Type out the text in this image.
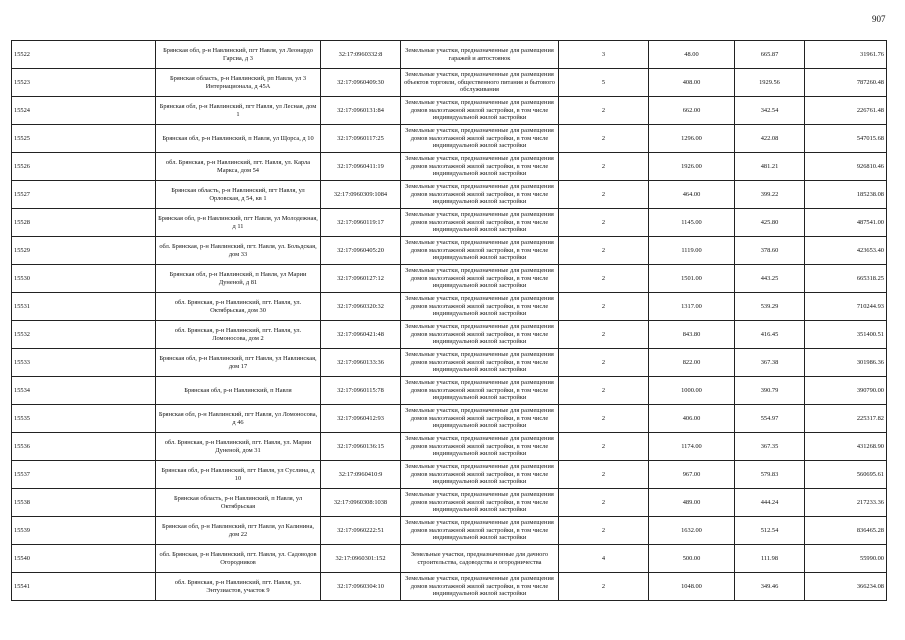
907
15522	Брянская обл, р-н Навлинский, пгт Навля, ул Леонардо Гарсиа, д 3	32:17:0960332:8	Земельные участки, предназначенные для размещения гаражей и автостоянок	3	48.00	665.87	31961.76
15523	Брянская область, р-н Навлинский, рп Навля, ул 3 Интернационала, д 45А	32:17:0960409:30	Земельные участки, предназначенные для размещения объектов торговли, общественного питания и бытового обслуживания	5	408.00	1929.56	787260.48
15524	Брянская обл, р-н Навлинский, пгт Навля, ул Лесная, дом 1	32:17:0960131:84	Земельные участки, предназначенные для размещения домов малоэтажной жилой застройки, в том числе индивидуальной жилой застройки	2	662.00	342.54	226761.48
15525	Брянская обл, р-н Навлинский, п Навля, ул Щорса, д 10	32:17:0960117:25	Земельные участки, предназначенные для размещения домов малоэтажной жилой застройки, в том числе индивидуальной жилой застройки	2	1296.00	422.08	547015.68
15526	обл. Брянская, р-н Навлинский, пгт. Навля, ул. Карла Маркса, дом 54	32:17:0960411:19	Земельные участки, предназначенные для размещения домов малоэтажной жилой застройки, в том числе индивидуальной жилой застройки	2	1926.00	481.21	926810.46
15527	Брянская область, р-н Навлинский, пгт Навля, ул Орловская, д 54, кв 1	32:17:0960309:1084	Земельные участки, предназначенные для размещения домов малоэтажной жилой застройки, в том числе индивидуальной жилой застройки	2	464.00	399.22	185238.08
15528	Брянская обл, р-н Навлинский, пгт Навля, ул Молодежная, д 11	32:17:0960119:17	Земельные участки, предназначенные для размещения домов малоэтажной жилой застройки, в том числе индивидуальной жилой застройки	2	1145.00	425.80	487541.00
15529	обл. Брянская, р-н Навлинский, пгт. Навля, ул. Больдская, дом 33	32:17:0960405:20	Земельные участки, предназначенные для размещения домов малоэтажной жилой застройки, в том числе индивидуальной жилой застройки	2	1119.00	378.60	423653.40
15530	Брянская обл, р-н Навлинский, п Навля, ул Марии Дуненой, д 81	32:17:0960127:12	Земельные участки, предназначенные для размещения домов малоэтажной жилой застройки, в том числе индивидуальной жилой застройки	2	1501.00	443.25	665318.25
15531	обл. Брянская, р-н Навлинский, пгт. Навля, ул. Октябрьская, дом 30	32:17:0960320:32	Земельные участки, предназначенные для размещения домов малоэтажной жилой застройки, в том числе индивидуальной жилой застройки	2	1317.00	539.29	710244.93
15532	обл. Брянская, р-н Навлинский, пгт. Навля, ул. Ломоносова, дом 2	32:17:0960421:48	Земельные участки, предназначенные для размещения домов малоэтажной жилой застройки, в том числе индивидуальной жилой застройки	2	843.80	416.45	351400.51
15533	Брянская обл, р-н Навлинский, пгт Навля, ул Навлинская, дом 17	32:17:0960133:36	Земельные участки, предназначенные для размещения домов малоэтажной жилой застройки, в том числе индивидуальной жилой застройки	2	822.00	367.38	301986.36
15534	Брянская обл, р-н Навлинский, п Навля	32:17:0960115:78	Земельные участки, предназначенные для размещения домов малоэтажной жилой застройки, в том числе индивидуальной жилой застройки	2	1000.00	390.79	390790.00
15535	Брянская обл, р-н Навлинский, пгт Навля, ул Ломоносова, д 46	32:17:0960412:93	Земельные участки, предназначенные для размещения домов малоэтажной жилой застройки, в том числе индивидуальной жилой застройки	2	406.00	554.97	225317.82
15536	обл. Брянская, р-н Навлинский, пгт. Навля, ул. Марии Дуненой, дом 31	32:17:0960136:15	Земельные участки, предназначенные для размещения домов малоэтажной жилой застройки, в том числе индивидуальной жилой застройки	2	1174.00	367.35	431268.90
15537	Брянская обл, р-н Навлинский, пгт Навля, ул Суслина, д 10	32:17:0960410:9	Земельные участки, предназначенные для размещения домов малоэтажной жилой застройки, в том числе индивидуальной жилой застройки	2	967.00	579.83	560695.61
15538	Брянская область, р-н Навлинский, п Навля, ул Октябрьская	32:17:0960308:1038	Земельные участки, предназначенные для размещения домов малоэтажной жилой застройки, в том числе индивидуальной жилой застройки	2	489.00	444.24	217233.36
15539	Брянская обл, р-н Навлинский, пгт Навля, ул Калинина, дом 22	32:17:0960222:51	Земельные участки, предназначенные для размещения домов малоэтажной жилой застройки, в том числе индивидуальной жилой застройки	2	1632.00	512.54	836465.28
15540	обл. Брянская, р-н Навлинский, пгт. Навля, ул. Садоводов Огородников	32:17:0960301:152	Земельные участки, предназначенные для дачного строительства, садоводства и огородничества	4	500.00	111.98	55990.00
15541	обл. Брянская, р-н Навлинский, пгт. Навля, ул. Энтузиастов, участок 9	32:17:0960304:10	Земельные участки, предназначенные для размещения домов малоэтажной жилой застройки, в том числе индивидуальной жилой застройки	2	1048.00	349.46	366234.08
